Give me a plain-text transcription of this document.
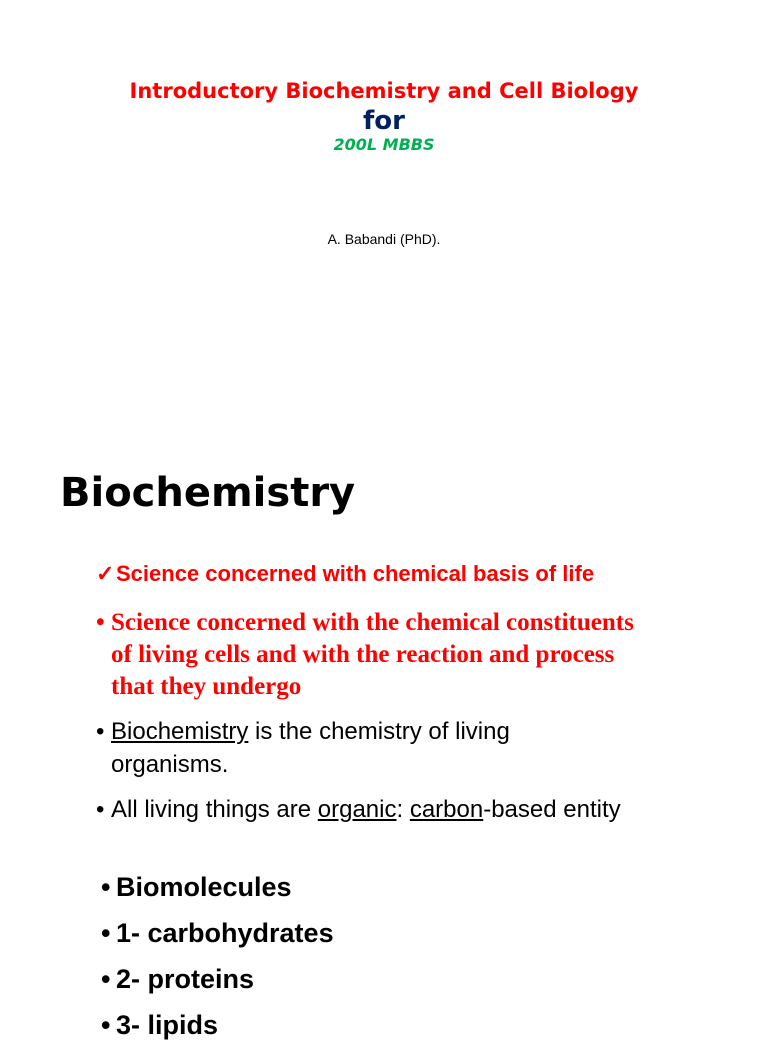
Introductory Biochemistry and Cell Biology
for
200L MBBS
A. Babandi (PhD).
Biochemistry
✓ Science concerned with chemical basis of life
• Science concerned with the chemical constituents of living cells and with the reaction and process that they undergo
• Biochemistry is the chemistry of living organisms.
• All living things are organic: carbon-based entity
• Biomolecules
• 1- carbohydrates
• 2- proteins
• 3- lipids
